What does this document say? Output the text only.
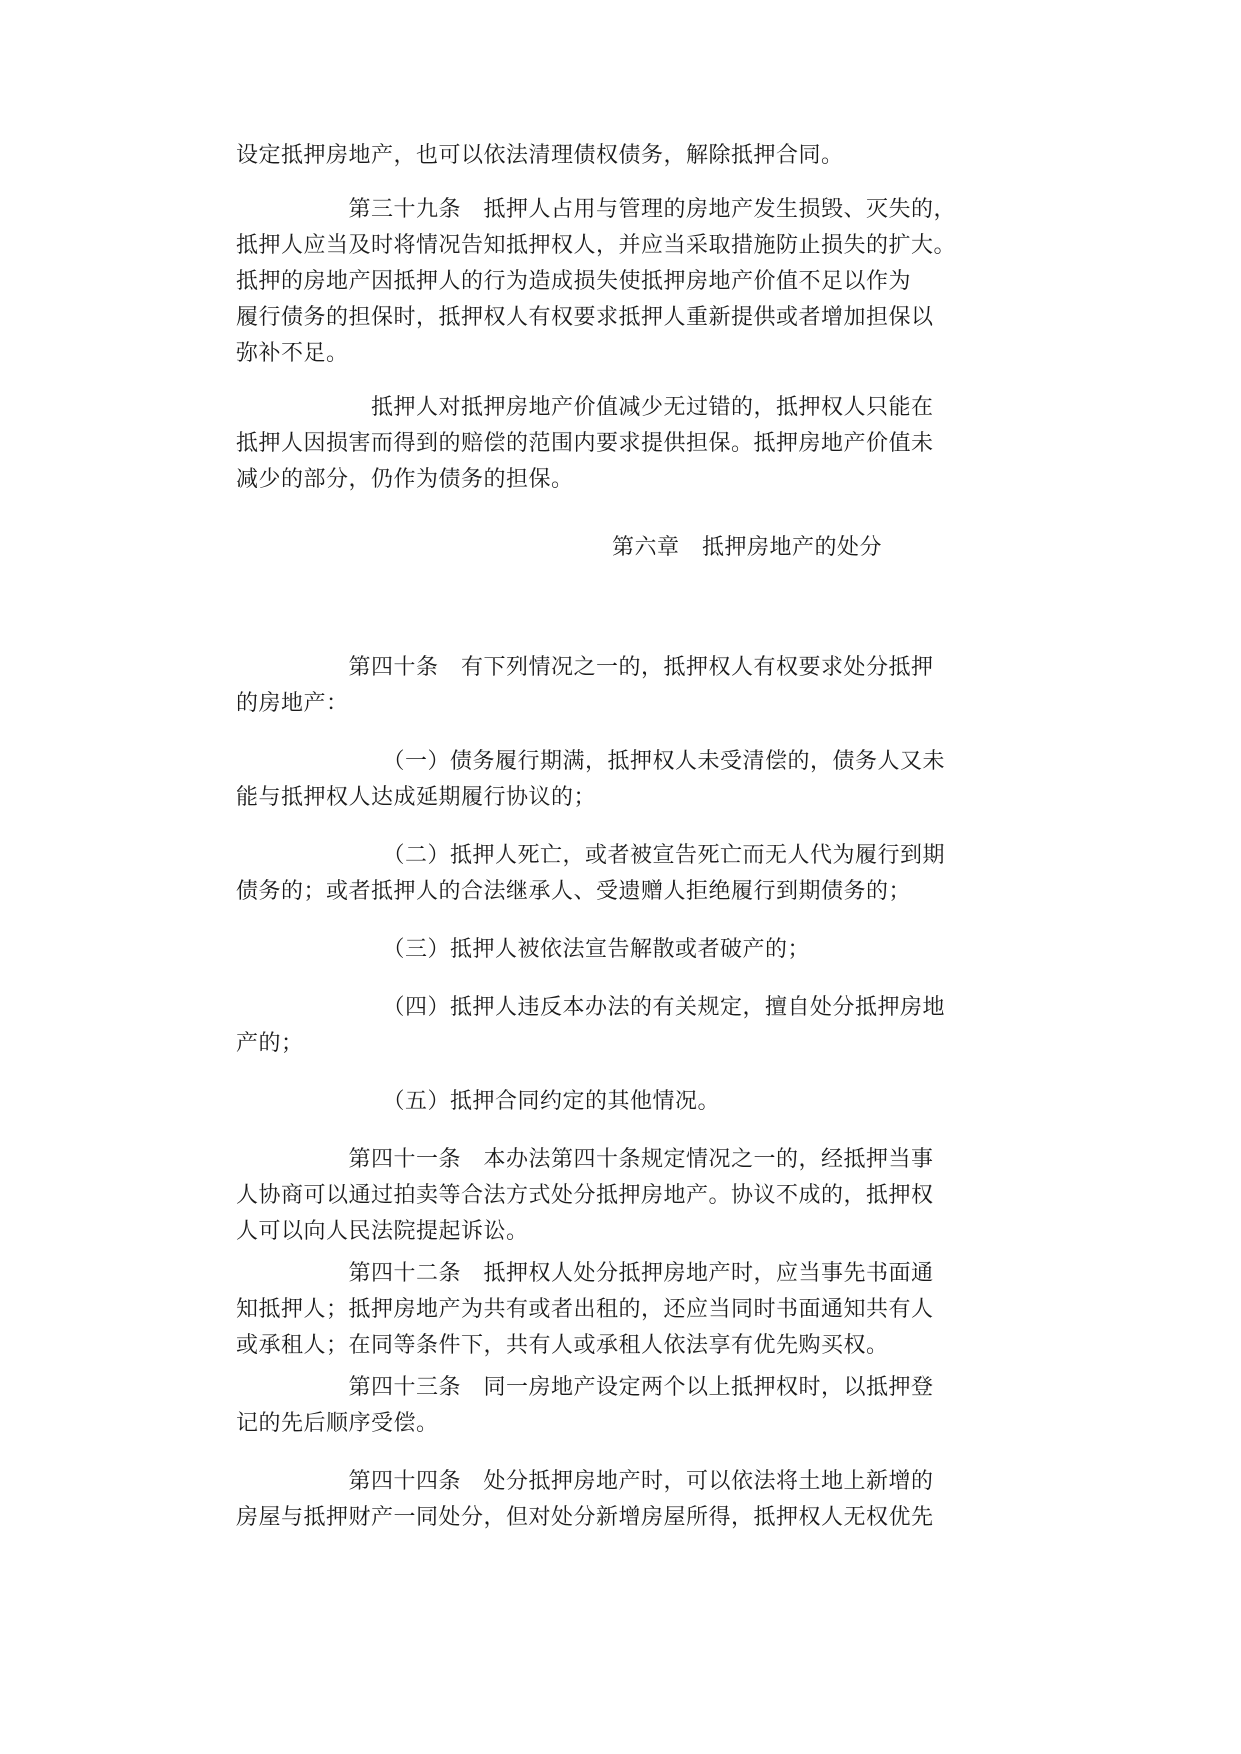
设定抵押房地产，也可以依法清理债权债务，解除抵押合同。
　　　　　第三十九条　抵押人占用与管理的房地产发生损毁、灭失的，
抵押人应当及时将情况告知抵押权人，并应当采取措施防止损失的扩大。
抵押的房地产因抵押人的行为造成损失使抵押房地产价值不足以作为
履行债务的担保时，抵押权人有权要求抵押人重新提供或者增加担保以
弥补不足。
　　　　　　抵押人对抵押房地产价值减少无过错的，抵押权人只能在
抵押人因损害而得到的赔偿的范围内要求提供担保。抵押房地产价值未
减少的部分，仍作为债务的担保。
第六章　抵押房地产的处分
　　　　　第四十条　有下列情况之一的，抵押权人有权要求处分抵押
的房地产：
　　　　　　　（一）债务履行期满，抵押权人未受清偿的，债务人又未
能与抵押权人达成延期履行协议的；
　　　　　　　（二）抵押人死亡，或者被宣告死亡而无人代为履行到期
债务的；或者抵押人的合法继承人、受遗赠人拒绝履行到期债务的；
　　　　　　　（三）抵押人被依法宣告解散或者破产的；
　　　　　　　（四）抵押人违反本办法的有关规定，擅自处分抵押房地
产的；
　　　　　　　（五）抵押合同约定的其他情况。
　　　　　第四十一条　本办法第四十条规定情况之一的，经抵押当事
人协商可以通过拍卖等合法方式处分抵押房地产。协议不成的，抵押权
人可以向人民法院提起诉讼。
　　　　　第四十二条　抵押权人处分抵押房地产时，应当事先书面通
知抵押人；抵押房地产为共有或者出租的，还应当同时书面通知共有人
或承租人；在同等条件下，共有人或承租人依法享有优先购买权。
　　　　　第四十三条　同一房地产设定两个以上抵押权时，以抵押登
记的先后顺序受偿。
　　　　　第四十四条　处分抵押房地产时，可以依法将土地上新增的
房屋与抵押财产一同处分，但对处分新增房屋所得，抵押权人无权优先
